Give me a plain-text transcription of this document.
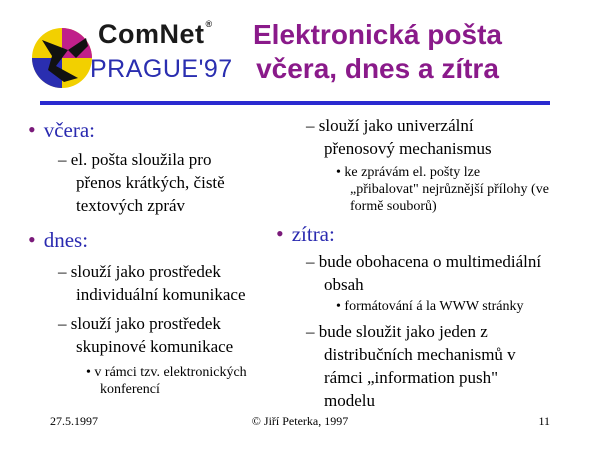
ComNet®
PRAGUE'97
Elektronická pošta
včera, dnes a zítra
• včera:
– el. pošta sloužila pro
přenos krátkých, čistě
textových zpráv
• dnes:
– slouží jako prostředek
individuální komunikace
– slouží jako prostředek
skupinové komunikace
• v rámci tzv. elektronických
konferencí
– slouží jako univerzální
přenosový mechanismus
• ke zprávám el. pošty lze
„přibalovat" nejrůznější přílohy (ve
formě souborů)
• zítra:
– bude obohacena o multimediální
obsah
• formátování á la WWW stránky
– bude sloužit jako jeden z
distribučních mechanismů v
rámci „information push"
modelu
27.5.1997	© Jiří Peterka, 1997	11
